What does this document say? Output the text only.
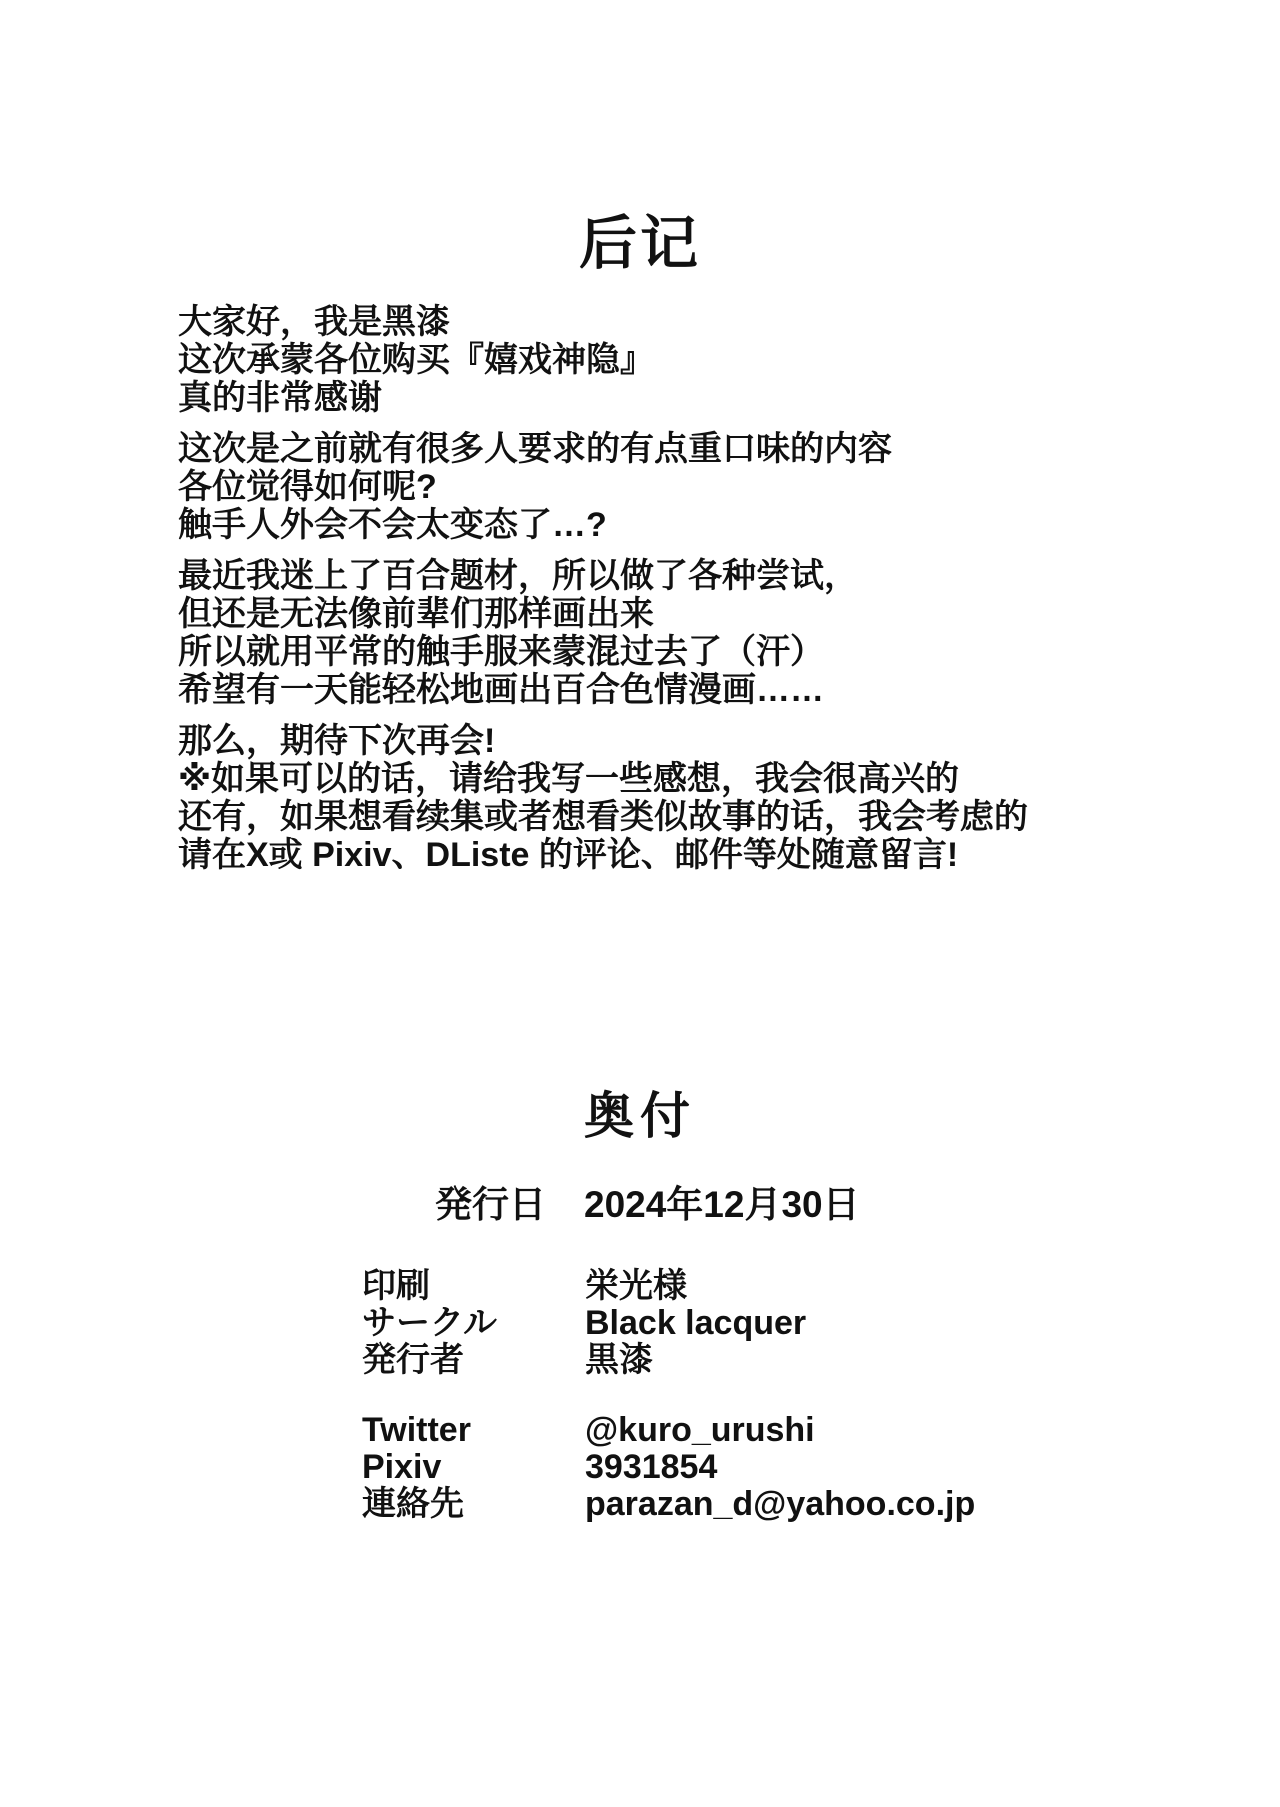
后记
大家好，我是黑漆
这次承蒙各位购买『嬉戏神隐』
真的非常感谢
这次是之前就有很多人要求的有点重口味的内容
各位觉得如何呢?
触手人外会不会太变态了…?
最近我迷上了百合题材，所以做了各种尝试，
但还是无法像前辈们那样画出来
所以就用平常的触手服来蒙混过去了（汗）
希望有一天能轻松地画出百合色情漫画……
那么，期待下次再会!
※如果可以的话，请给我写一些感想，我会很高兴的
还有，如果想看续集或者想看类似故事的话，我会考虑的
请在X或 Pixiv、DListe 的评论、邮件等处随意留言!
奥付
発行日 2024年12月30日
印刷	栄光様
サークル	Black lacquer
発行者	黒漆
Twitter	@kuro_urushi
Pixiv	3931854
連絡先	parazan_d@yahoo.co.jp
